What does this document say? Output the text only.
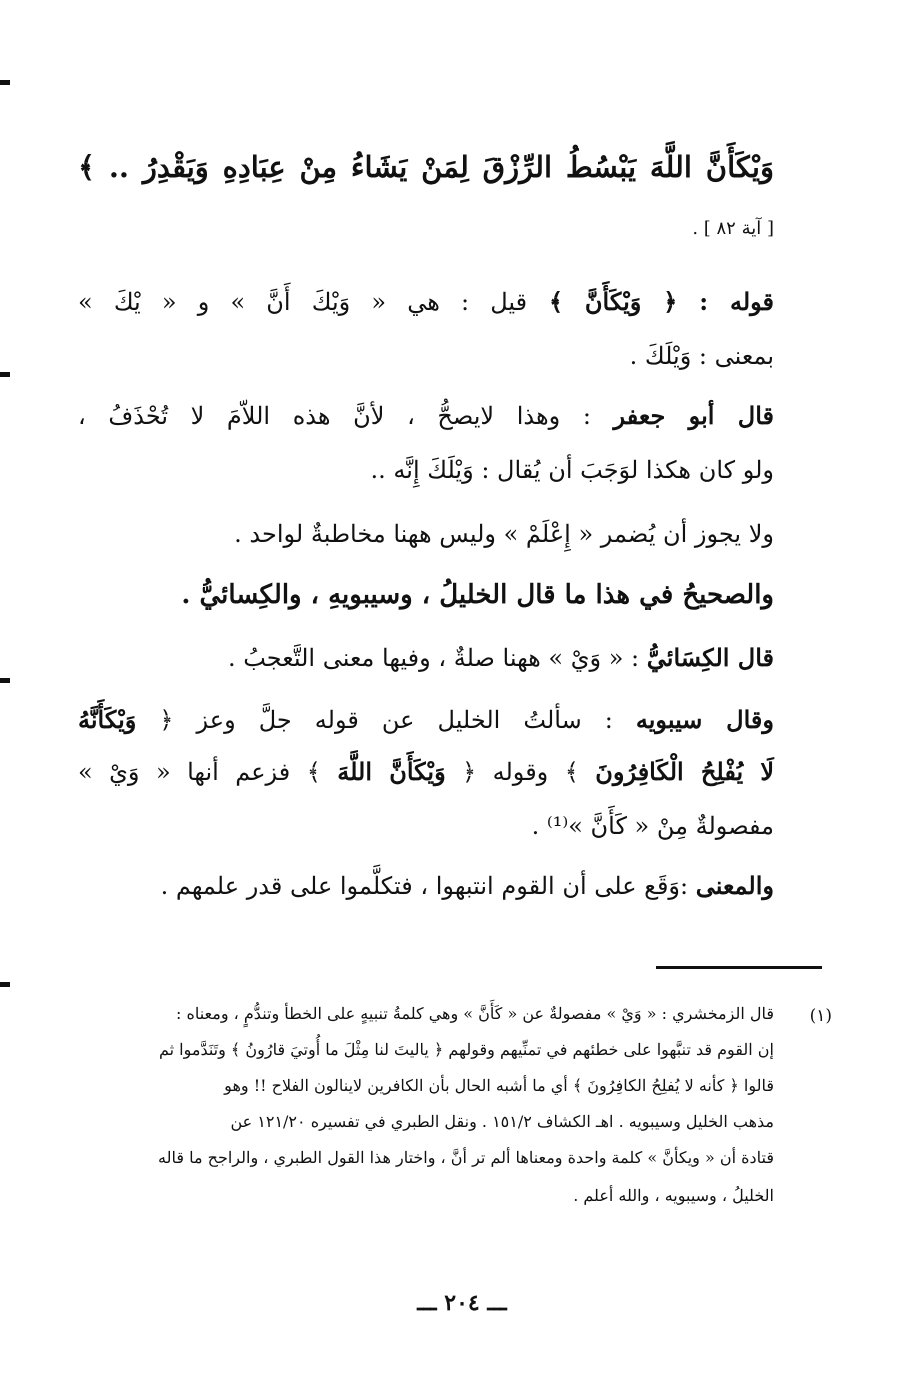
وَيْكَأَنَّ اللَّهَ يَبْسُطُ الرِّزْقَ لِمَنْ يَشَاءُ مِنْ عِبَادِهِ وَيَقْدِرُ .. ﴾
[ آية ٨٢ ] .
قوله : ﴿ وَيْكَأَنَّ ﴾ قيل : هي « وَيْكَ أَنَّ » و « يْكَ »
بمعنى : وَيْلَكَ .
قال أبو جعفر : وهذا لايصحُّ ، لأنَّ هذه اللاّمَ لا تُحْذَفُ ،
ولو كان هكذا لوَجَبَ أن يُقال : وَيْلَكَ إِنَّه ..
ولا يجوز أن يُضمر « إِعْلَمْ » وليس ههنا مخاطبةٌ لواحد .
والصحيحُ في هذا ما قال الخليلُ ، وسيبويهِ ، والكِسائيُّ .
قال الكِسَائيُّ : « وَيْ » ههنا صلةٌ ، وفيها معنى التَّعجبُ .
وقال سيبويه : سألتُ الخليل عن قوله جلَّ وعز ﴿ وَيْكَأَنَّهُ
لَا يُفْلِحُ الْكَافِرُونَ ﴾ وقوله ﴿ وَيْكَأَنَّ اللَّهَ ﴾ فزعم أنها « وَيْ »
مفصولةٌ مِنْ « كَأَنَّ »⁽¹⁾ .
والمعنى :وَقَع على أن القوم انتبهوا ، فتكلَّموا على قدر علمهم .
(١)
قال الزمخشري : « وَيْ » مفصولةٌ عن « كَأَنَّ » وهي كلمةُ تنبيهٍ على الخطأ وتندُّمٍ ، ومعناه :
إن القوم قد تنبَّهوا على خطئهم في تمنِّيهم وقولهم ﴿ ياليتَ لنا مِثْلَ ما أُوتيَ قارُونُ ﴾ وتَنَدَّموا ثم
قالوا ﴿ كأنه لا يُفلِحُ الكافِرُونَ ﴾ أي ما أشبه الحال بأن الكافرين لاينالون الفلاح !! وهو
مذهب الخليل وسيبويه . اهـ الكشاف ١٥١/٢ . ونقل الطبري في تفسيره ١٢١/٢٠ عن
قتادة أن « ويكأنَّ » كلمة واحدة ومعناها ألم تر أنَّ ، واختار هذا القول الطبري ، والراجح ما قاله
الخليلُ ، وسيبويه ، والله أعلم .
ـــ ٢٠٤ ـــ
